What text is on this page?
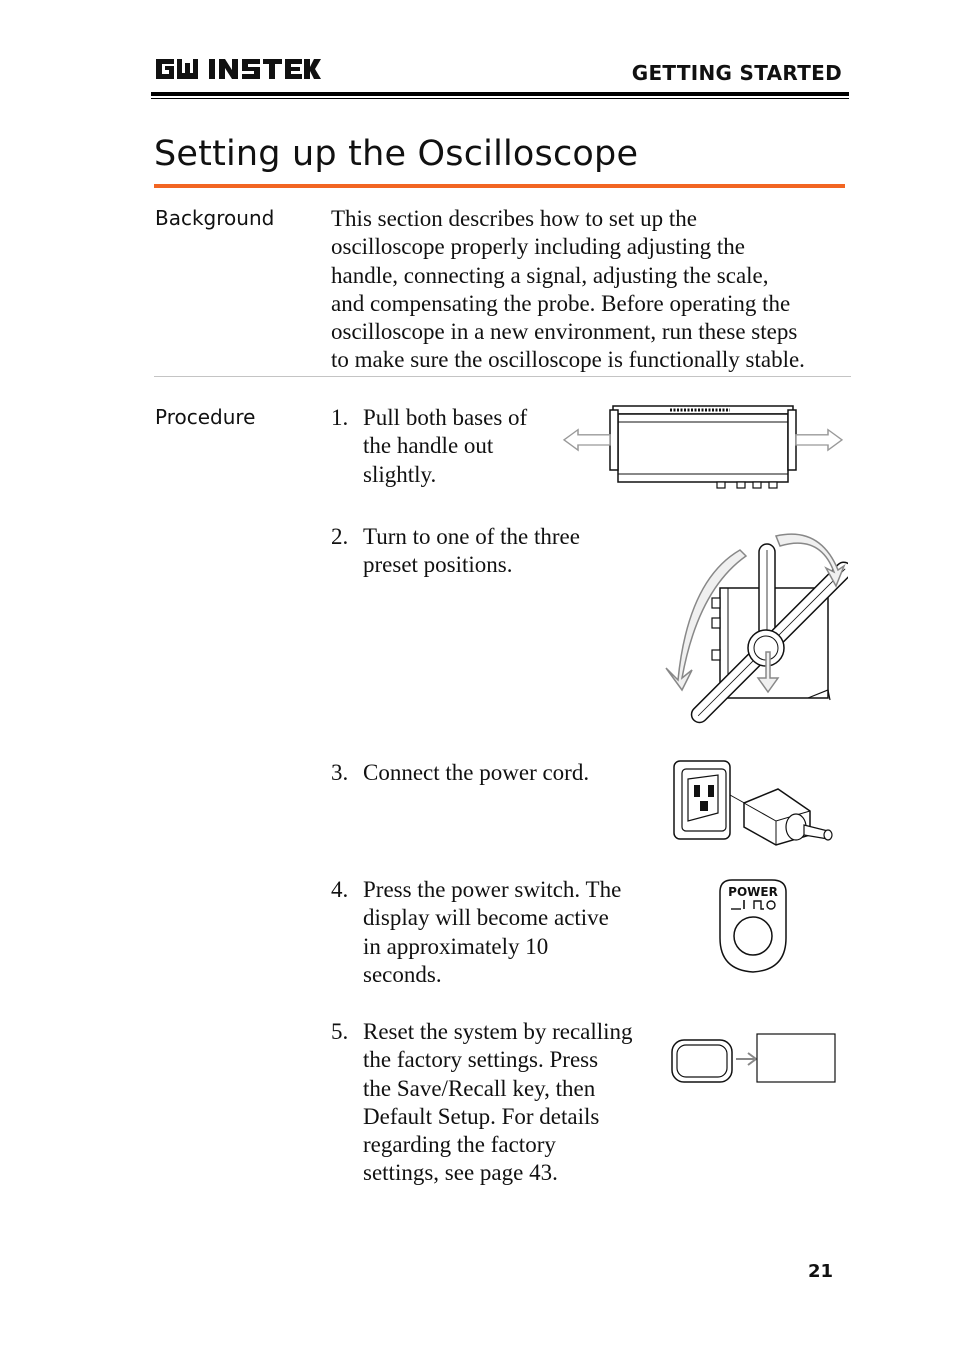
GETTING STARTED
Setting up the Oscilloscope
Background This section describes how to set up the
oscilloscope properly including adjusting the
handle, connecting a signal, adjusting the scale,
and compensating the probe. Before operating the
oscilloscope in a new environment, run these steps
to make sure the oscilloscope is functionally stable.
Procedure	1. Pull both bases of
the handle out
slightly.
2. Turn to one of the three
preset positions.
3. Connect the power cord.
4. Press the power switch. The
display will become active
in approximately 10
seconds.
POWER
5. Reset the system by recalling
the factory settings. Press
the Save/Recall key, then
Default Setup. For details
regarding the factory
settings, see page 43.
21
